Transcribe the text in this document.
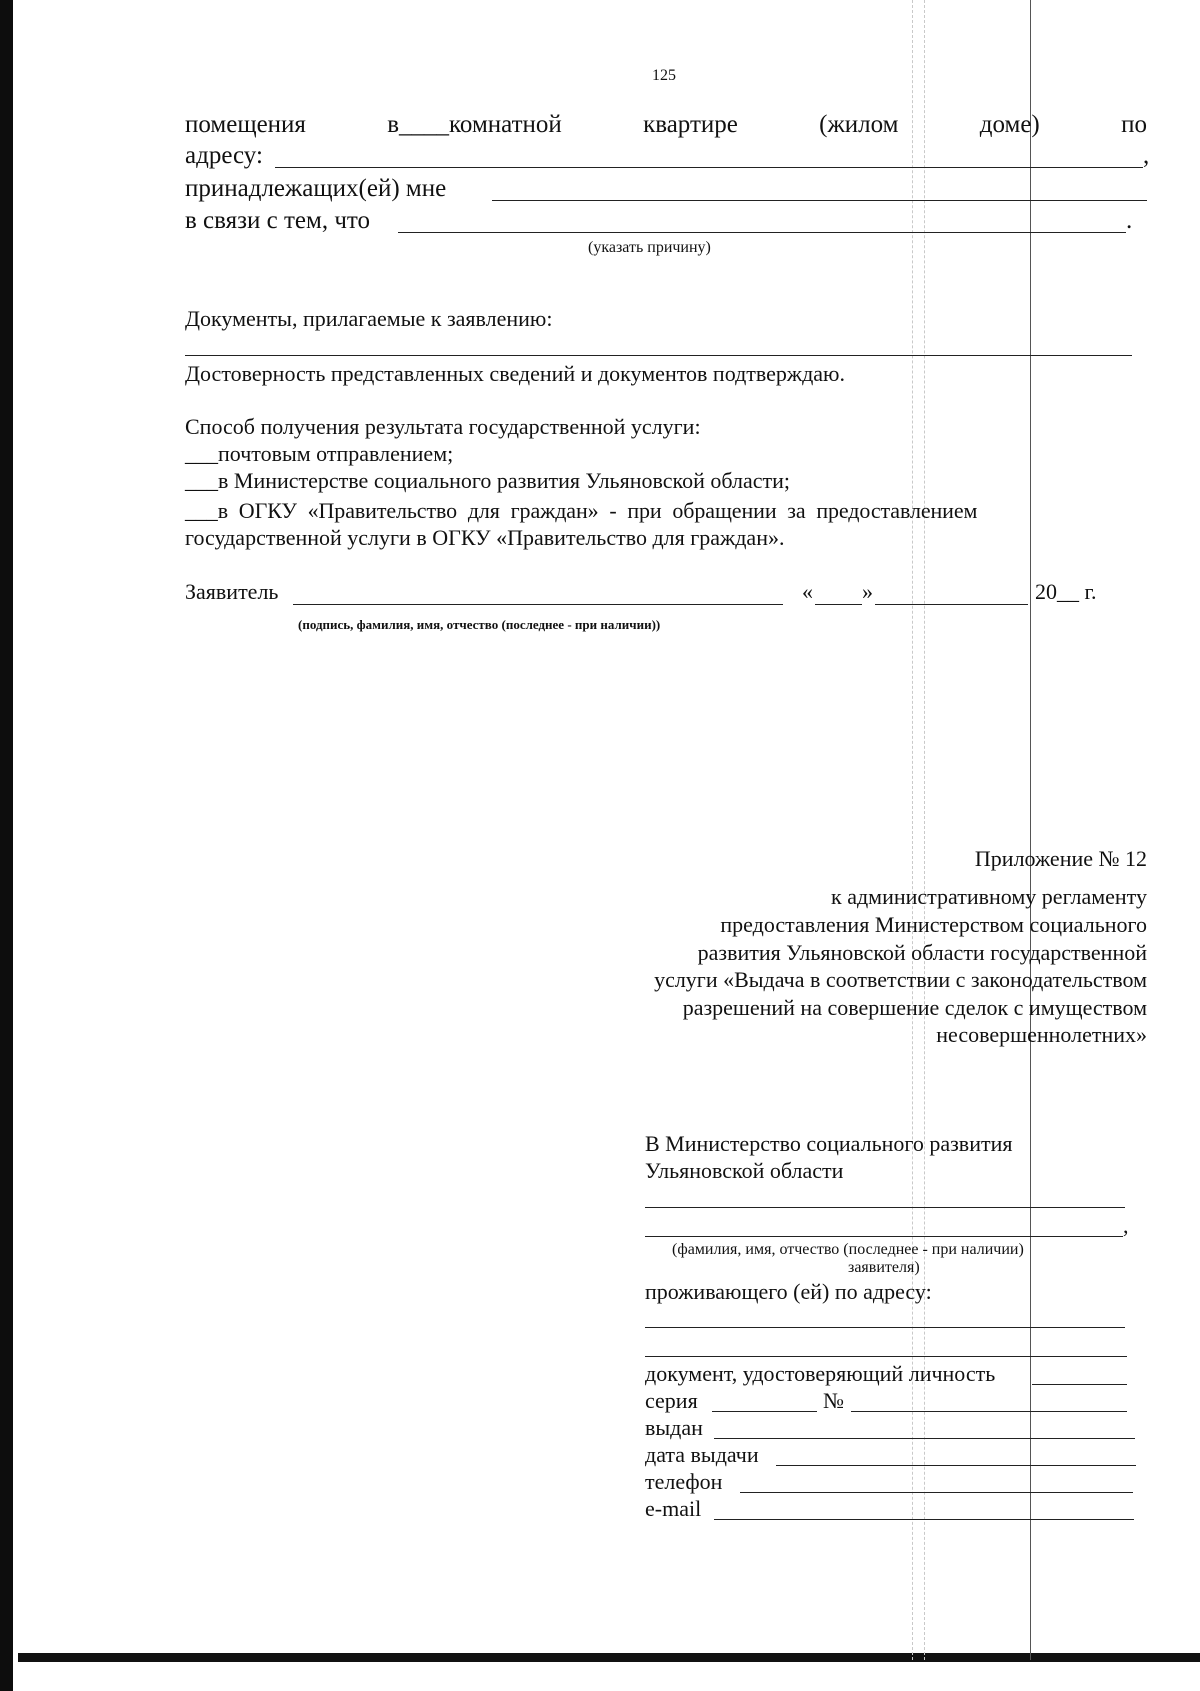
125
помещения	в____комнатной	квартире	(жилом	доме)	по
адресу:	,
принадлежащих(ей) мне
в связи с тем, что	.
(указать причину)
Документы, прилагаемые к заявлению:
Достоверность представленных сведений и документов подтверждаю.
Способ получения результата государственной услуги:
___почтовым отправлением;
___в Министерстве социального развития Ульяновской области;
___в  ОГКУ  «Правительство  для  граждан»  -  при  обращении  за  предоставлением
государственной услуги в ОГКУ «Правительство для граждан».
Заявитель	« »	20__ г.
(подпись, фамилия, имя, отчество (последнее - при наличии))
Приложение № 12
к административному регламенту
предоставления Министерством социального
развития Ульяновской области государственной
услуги «Выдача в соответствии с законодательством
разрешений на совершение сделок с имуществом
несовершеннолетних»
В Министерство социального развития
Ульяновской области
,
(фамилия, имя, отчество (последнее - при наличии)
заявителя)
проживающего (ей) по адресу:
документ, удостоверяющий личность
серия	№
выдан
дата выдачи
телефон
e-mail
